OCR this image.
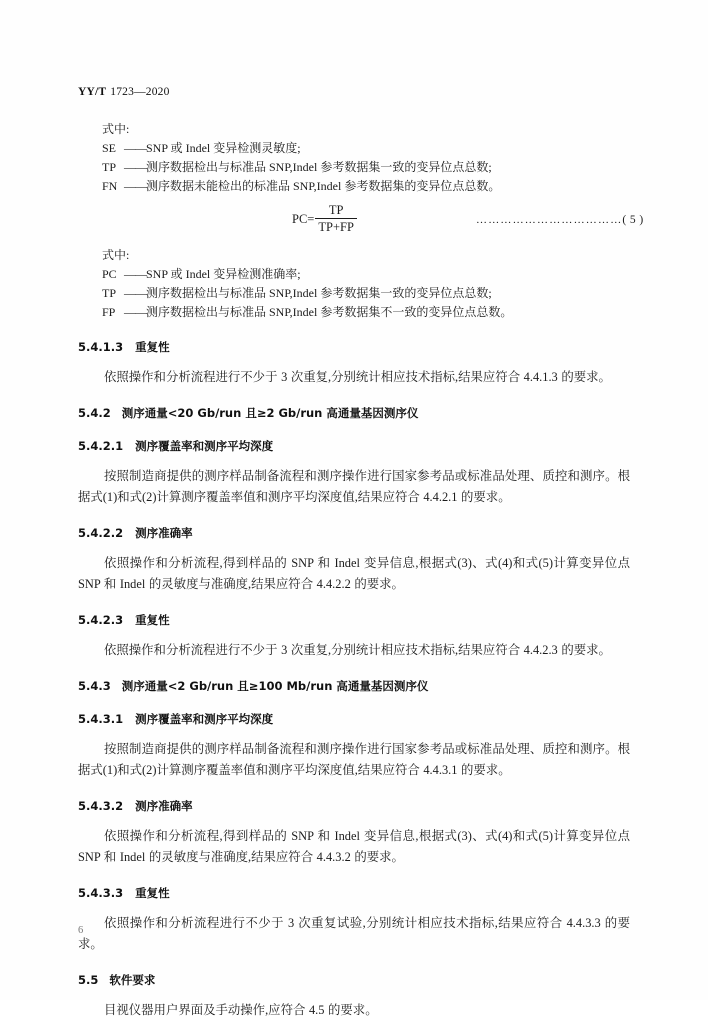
YY/T 1723—2020
式中:
SE ——SNP 或 Indel 变异检测灵敏度;
TP ——测序数据检出与标准品 SNP,Indel 参考数据集一致的变异位点总数;
FN ——测序数据未能检出的标准品 SNP,Indel 参考数据集的变异位点总数。
PC = $\frac{TP}{TP+FP}$	………………………………( 5 )
式中:
PC ——SNP 或 Indel 变异检测准确率;
TP ——测序数据检出与标准品 SNP,Indel 参考数据集一致的变异位点总数;
FP ——测序数据检出与标准品 SNP,Indel 参考数据集不一致的变异位点总数。
5.4.1.3 重复性

依照操作和分析流程进行不少于 3 次重复,分别统计相应技术指标,结果应符合 4.4.1.3 的要求。

5.4.2 测序通量<20 Gb/run 且≥2 Gb/run 高通量基因测序仪
5.4.2.1 测序覆盖率和测序平均深度

按照制造商提供的测序样品制备流程和测序操作进行国家参考品或标准品处理、质控和测序。根据式(1)和式(2)计算测序覆盖率值和测序平均深度值,结果应符合 4.4.2.1 的要求。

5.4.2.2 测序准确率

依照操作和分析流程,得到样品的 SNP 和 Indel 变异信息,根据式(3)、式(4)和式(5)计算变异位点 SNP 和 Indel 的灵敏度与准确度,结果应符合 4.4.2.2 的要求。

5.4.2.3 重复性

依照操作和分析流程进行不少于 3 次重复,分别统计相应技术指标,结果应符合 4.4.2.3 的要求。

5.4.3 测序通量<2 Gb/run 且≥100 Mb/run 高通量基因测序仪
5.4.3.1 测序覆盖率和测序平均深度

按照制造商提供的测序样品制备流程和测序操作进行国家参考品或标准品处理、质控和测序。根据式(1)和式(2)计算测序覆盖率值和测序平均深度值,结果应符合 4.4.3.1 的要求。

5.4.3.2 测序准确率

依照操作和分析流程,得到样品的 SNP 和 Indel 变异信息,根据式(3)、式(4)和式(5)计算变异位点 SNP 和 Indel 的灵敏度与准确度,结果应符合 4.4.3.2 的要求。

5.4.3.3 重复性

依照操作和分析流程进行不少于 3 次重复试验,分别统计相应技术指标,结果应符合 4.4.3.3 的要求。

5.5 软件要求

目视仪器用户界面及手动操作,应符合 4.5 的要求。

6
